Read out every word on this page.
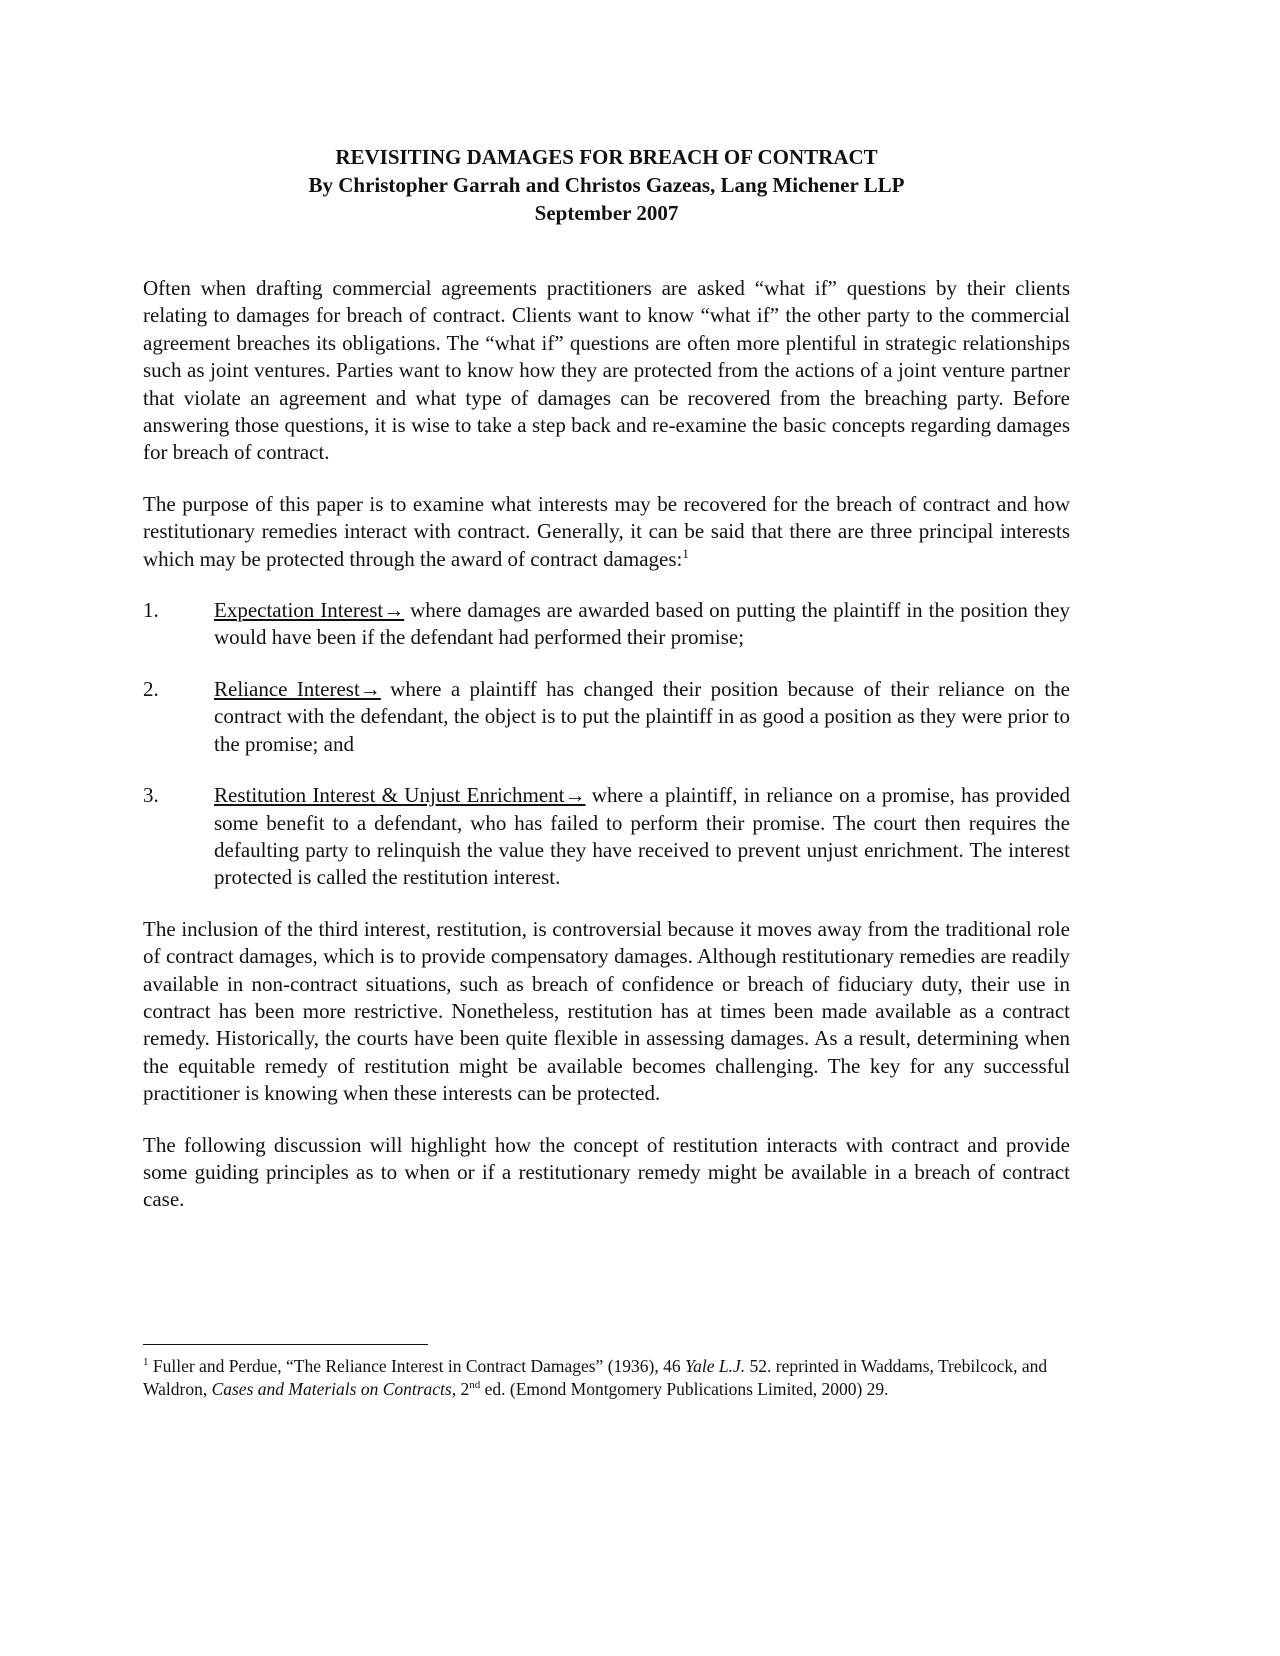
REVISITING DAMAGES FOR BREACH OF CONTRACT
By Christopher Garrah and Christos Gazeas, Lang Michener LLP
September 2007

Often when drafting commercial agreements practitioners are asked “what if” questions by their clients relating to damages for breach of contract. Clients want to know “what if” the other party to the commercial agreement breaches its obligations. The “what if” questions are often more plentiful in strategic relationships such as joint ventures. Parties want to know how they are protected from the actions of a joint venture partner that violate an agreement and what type of damages can be recovered from the breaching party. Before answering those questions, it is wise to take a step back and re-examine the basic concepts regarding damages for breach of contract.

The purpose of this paper is to examine what interests may be recovered for the breach of contract and how restitutionary remedies interact with contract. Generally, it can be said that there are three principal interests which may be protected through the award of contract damages:$^1$

1.	Expectation Interest→ where damages are awarded based on putting the plaintiff in the position they would have been if the defendant had performed their promise;
2.	Reliance Interest→ where a plaintiff has changed their position because of their reliance on the contract with the defendant, the object is to put the plaintiff in as good a position as they were prior to the promise; and
3.	Restitution Interest & Unjust Enrichment→ where a plaintiff, in reliance on a promise, has provided some benefit to a defendant, who has failed to perform their promise. The court then requires the defaulting party to relinquish the value they have received to prevent unjust enrichment. The interest protected is called the restitution interest.

The inclusion of the third interest, restitution, is controversial because it moves away from the traditional role of contract damages, which is to provide compensatory damages. Although restitutionary remedies are readily available in non-contract situations, such as breach of confidence or breach of fiduciary duty, their use in contract has been more restrictive. Nonetheless, restitution has at times been made available as a contract remedy. Historically, the courts have been quite flexible in assessing damages. As a result, determining when the equitable remedy of restitution might be available becomes challenging. The key for any successful practitioner is knowing when these interests can be protected.

The following discussion will highlight how the concept of restitution interacts with contract and provide some guiding principles as to when or if a restitutionary remedy might be available in a breach of contract case.

$^1$ Fuller and Perdue, “The Reliance Interest in Contract Damages” (1936), 46 Yale L.J. 52. reprinted in Waddams, Trebilcock, and Waldron, Cases and Materials on Contracts, 2nd ed. (Emond Montgomery Publications Limited, 2000) 29.
